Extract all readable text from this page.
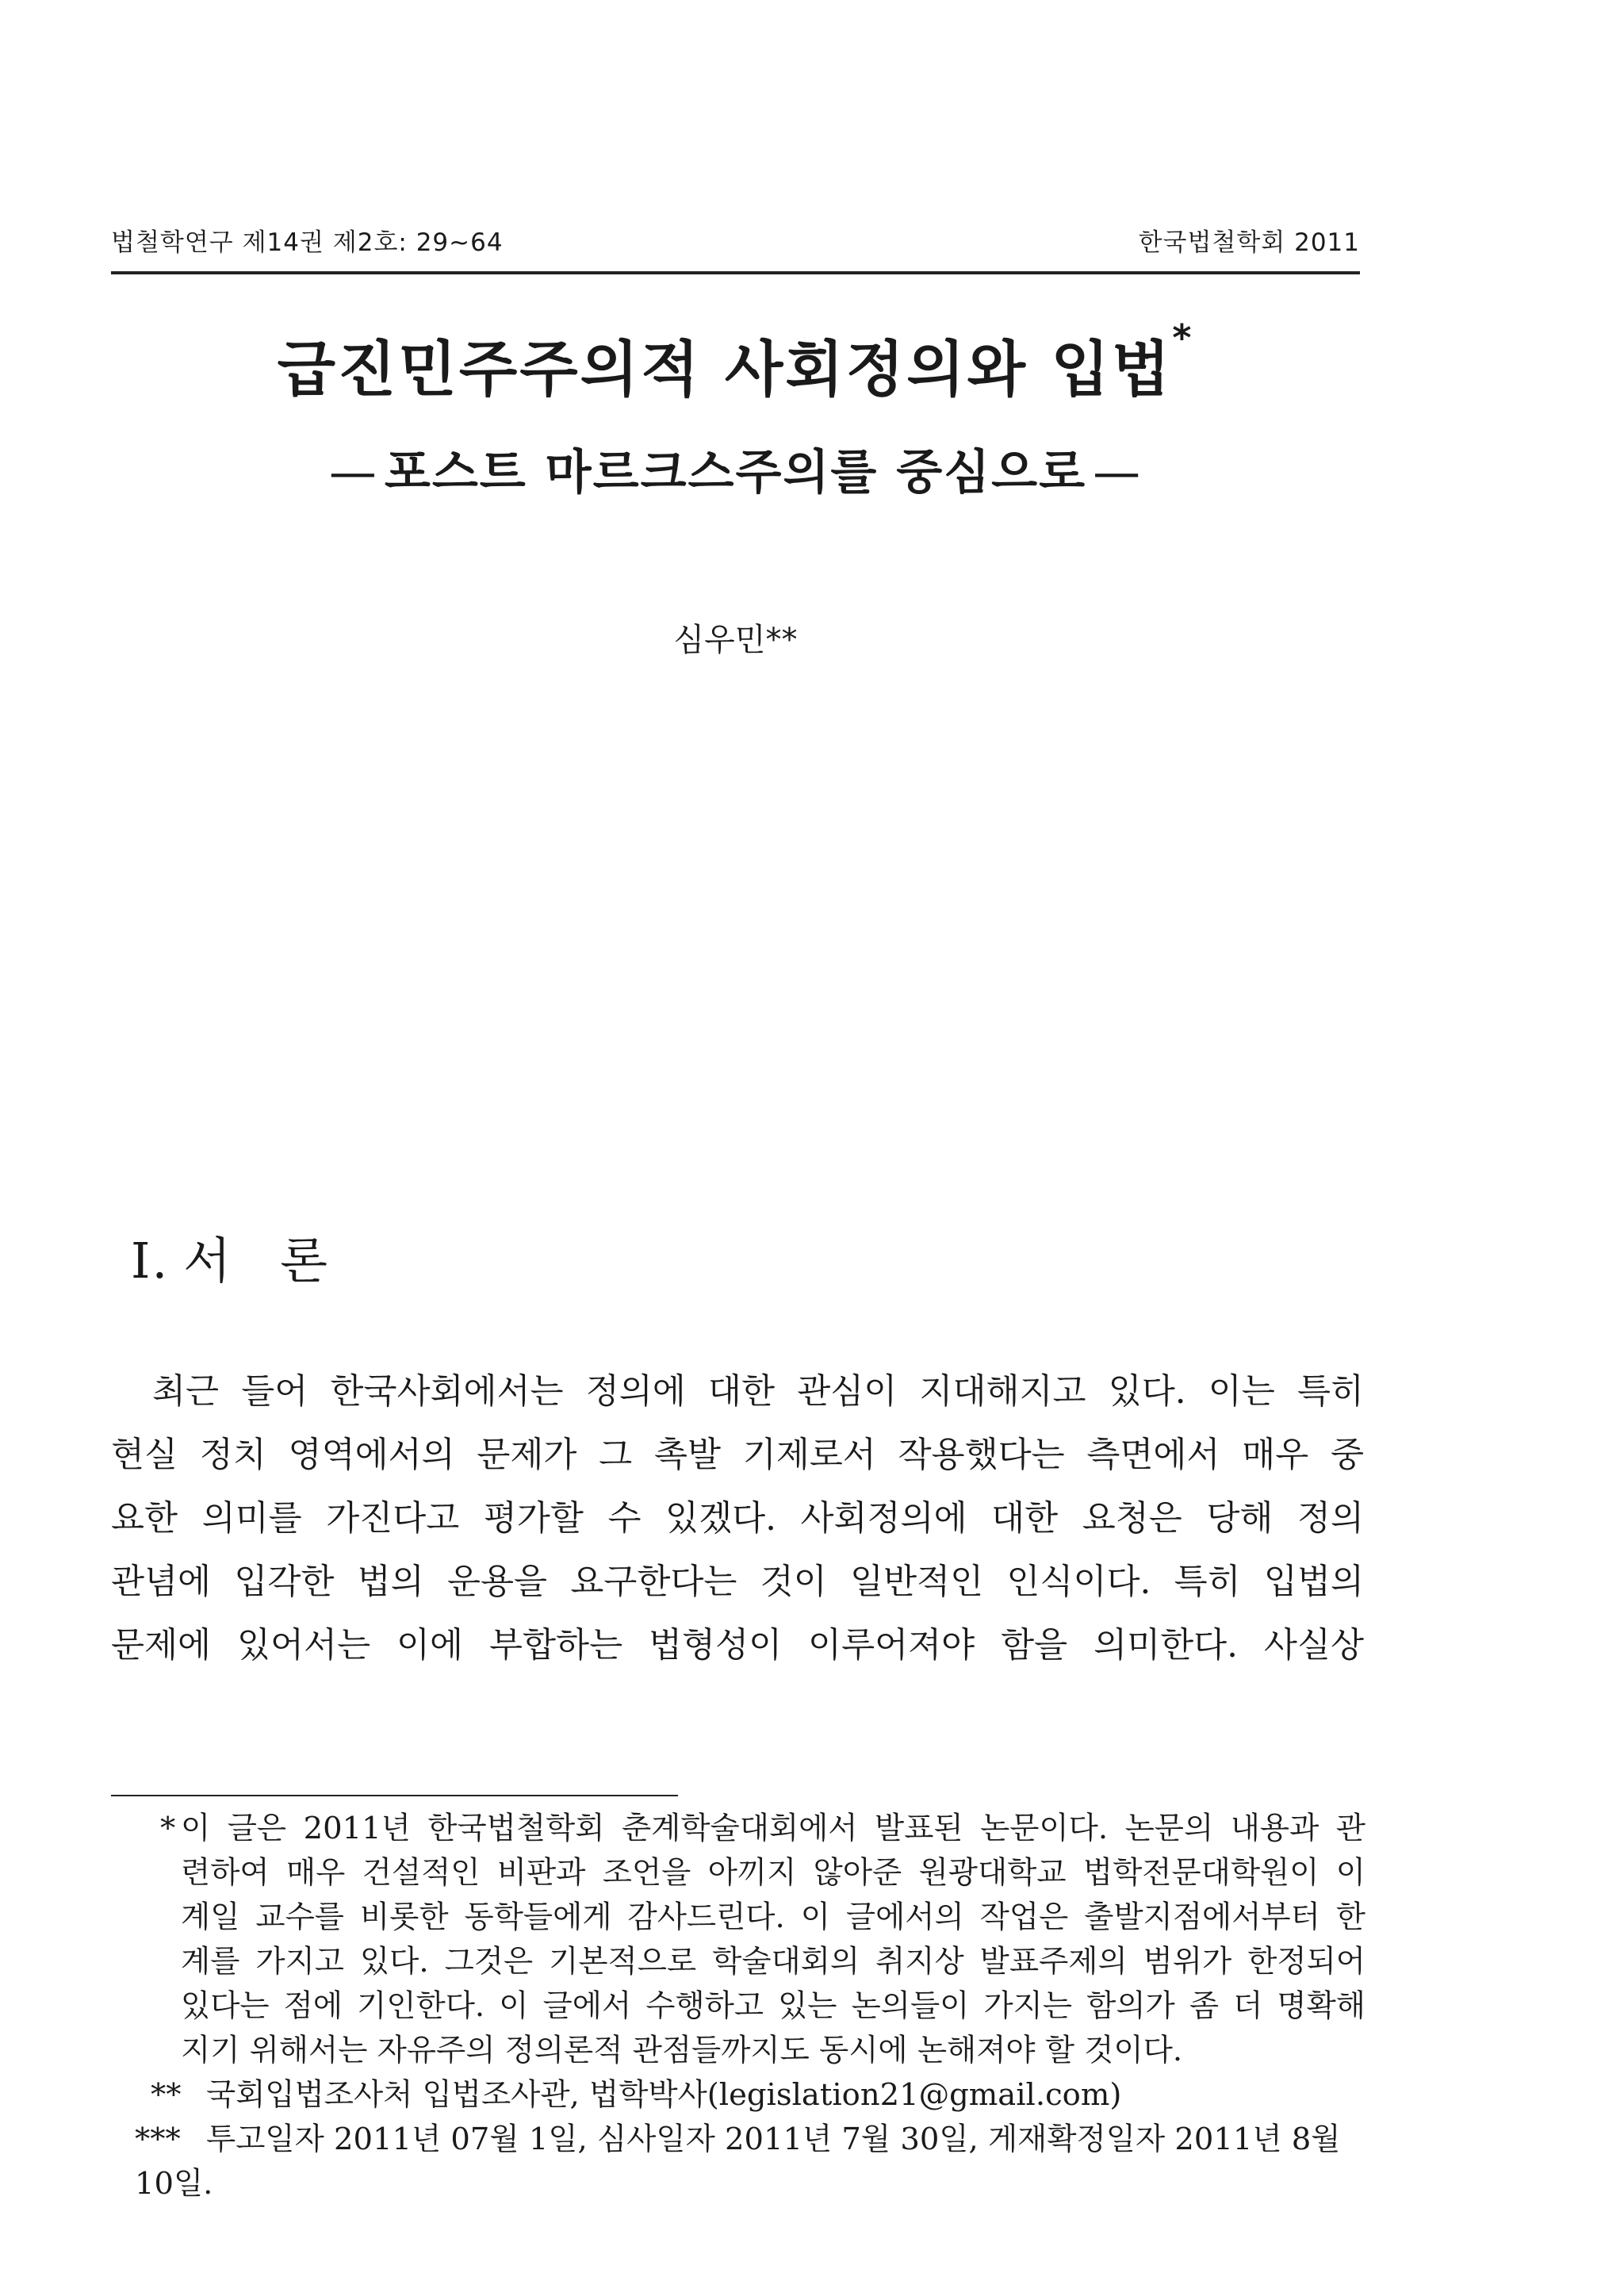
법철학연구 제14권 제2호: 29~64	한국법철학회 2011
급진민주주의적 사회정의와 입법*
— 포스트 마르크스주의를 중심으로 —
심우민**
Ⅰ. 서론
최근 들어 한국사회에서는 정의에 대한 관심이 지대해지고 있다. 이는 특히
현실 정치 영역에서의 문제가 그 촉발 기제로서 작용했다는 측면에서 매우 중
요한 의미를 가진다고 평가할 수 있겠다. 사회정의에 대한 요청은 당해 정의
관념에 입각한 법의 운용을 요구한다는 것이 일반적인 인식이다. 특히 입법의
문제에 있어서는 이에 부합하는 법형성이 이루어져야 함을 의미한다. 사실상
* 이 글은 2011년 한국법철학회 춘계학술대회에서 발표된 논문이다. 논문의 내용과 관
련하여 매우 건설적인 비판과 조언을 아끼지 않아준 원광대학교 법학전문대학원이 이
계일 교수를 비롯한 동학들에게 감사드린다. 이 글에서의 작업은 출발지점에서부터 한
계를 가지고 있다. 그것은 기본적으로 학술대회의 취지상 발표주제의 범위가 한정되어
있다는 점에 기인한다. 이 글에서 수행하고 있는 논의들이 가지는 함의가 좀 더 명확해
지기 위해서는 자유주의 정의론적 관점들까지도 동시에 논해져야 할 것이다.
** 국회입법조사처 입법조사관, 법학박사(legislation21@gmail.com)
*** 투고일자 2011년 07월 1일, 심사일자 2011년 7월 30일, 게재확정일자 2011년 8월 10일.
